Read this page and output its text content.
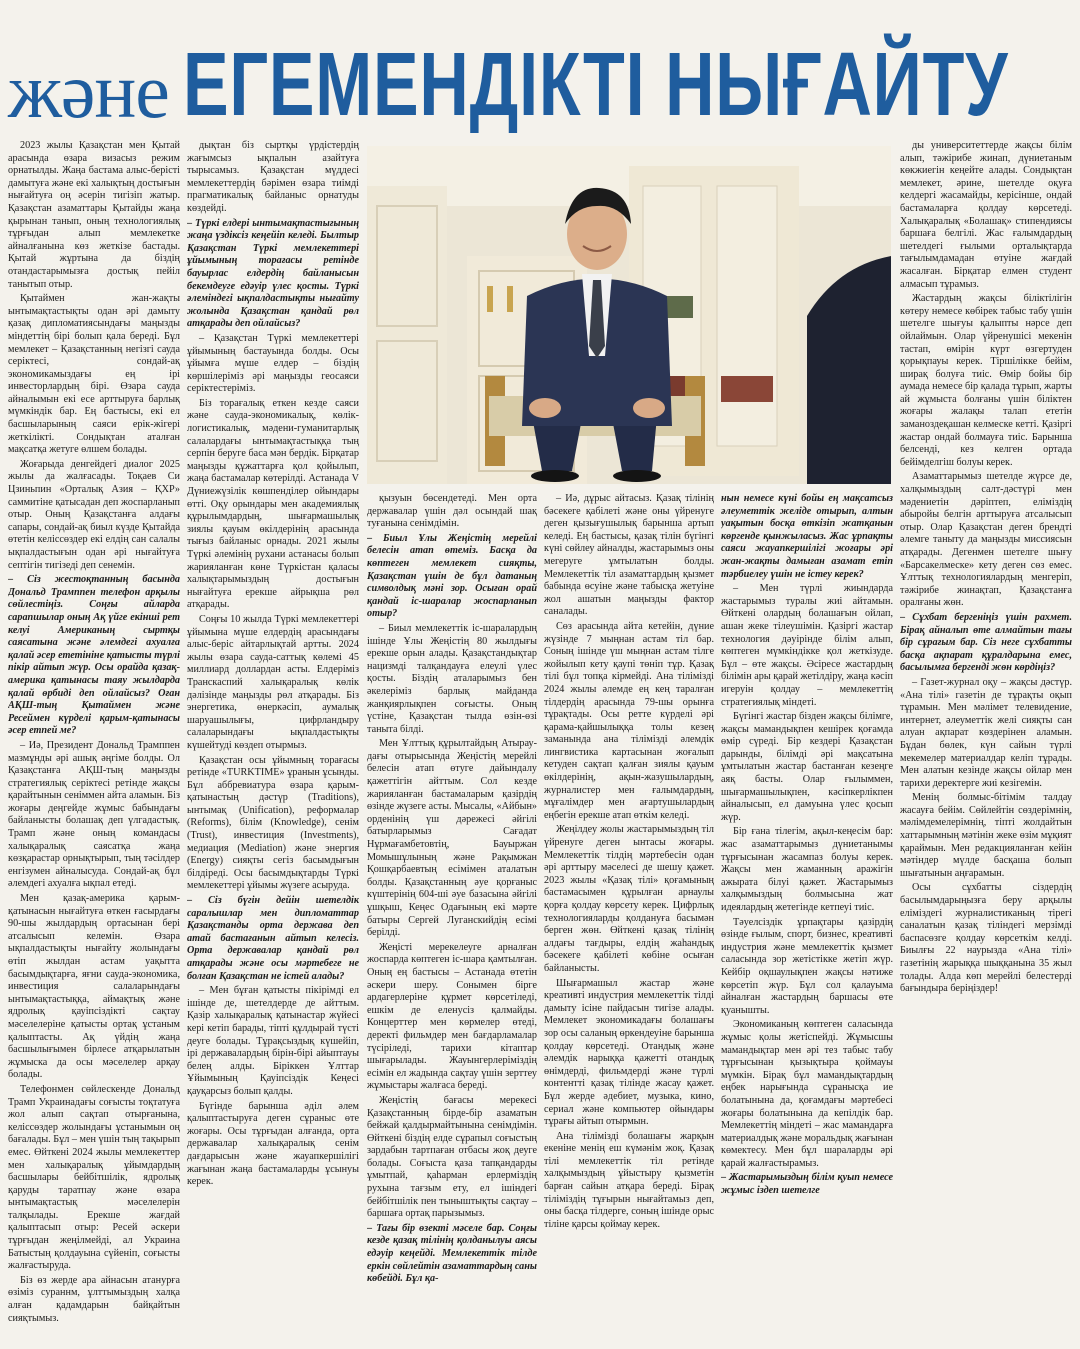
және ЕГЕМЕНДІКТІ НЫҒАЙТУ

2023 жылы Қазақстан мен Қытай арасында өзара визасыз режим орнатылды. Жаңа бастама алыс-берісті дамытуға және екі халықтың достығын нығайтуға оң әсерін тигізіп жатыр. Қазақстан азаматтары Қытайды жаңа қырынан танып, оның технологиялық тұрғыдан алып мемлекетке айналғанына көз жеткізе бастады. Қытай жұртына да біздің отандастарымызға достық пейіл танытып отыр.

Қытаймен жан-жақты ынтымақтастықты одан әрі дамыту қазақ дипломатиясындағы маңызды міндеттің бірі болып қала береді. Бұл мемлекет – Қазақстанның негізгі сауда серіктесі, сондай-ақ экономикамыздағы ең ірі инвесторлардың бірі. Өзара сауда айналымын екі есе арттыруға барлық мүмкіндік бар. Ең бастысы, екі ел басшыларының саяси ерік-жігері жеткілікті. Сондықтан аталған мақсатқа жетуге өлшем болады.

Жоғарыда денгейдегі диалог 2025 жылы да жалғасады. Тоқаев Си Цзиньпин «Орталық Азия – ҚХР» саммитіне қатысадан деп жоспарланып отыр. Оның Қазақстанға алдағы сапары, сондай-ақ биыл күзде Қытайда өтетін келіссөздер екі елдің сан салалы ықпалдастығын одан әрі нығайтуға септігін тигізеді деп сенемін.

– Сіз жестоқтанның басында Дональд Трамппен телефон арқылы сөйлестіңіз. Соңғы айларда сарапшылар оның Ақ үйге екінші рет келуі Американың сыртқы саясатына және әлемдегі ахуалға қалай әсер ететініне қатысты түрлі пікір айтып жүр. Осы орайда қазақ-америка қатынасы таяу жылдарда қалай өрбиді деп ойлайсыз? Оған АҚШ-тың Қытаймен және Ресеймен күрделі қарым-қатынасы әсер етпей ме?

– Иә, Президент Дональд Трамппен мазмұнды әрі ашық әңгіме болды. Ол Қазақстанға АҚШ-тың маңызды стратегиялық серіктесі ретінде жақсы қарайтынын сеніммен айта аламын. Біз жоғары деңгейде жұмыс бабындағы байланысты болашақ деп үлгадастық. Трамп және оның командасы халықаралық саясатқа жаңа көзқарастар орнықтырып, тың тәсілдер енгізумен айналысуда. Сондай-ақ бұл әлемдегі ахуалға ықпал етеді.

Мен қазақ-америка қарым-қатынасын нығайтуға өткен ғасырдағы 90-шы жылдардың ортасынан бері атсалысып келемін. Өзара ықпалдастықты нығайту жолындағы өтіп жылдан астам уақытта басымдықтарға, яғни сауда-экономика, инвестиция салаларындағы ынтымақтастыққа, аймақтық және ядролық қауіпсіздікті сақтау мәселелеріне қатысты ортақ ұстаным қалыптасты. Ақ үйдің жаңа басшылығымен бірлесе атқарылатын жұмыска да осы мәселелер арқау болады.

Телефонмен сөйлескенде Дональд Трамп Украинадағы соғысты тоқтатуға жол алып сақтап отырғанына, келіссөздер жолындағы ұстанымын оң бағалады. Бұл – мен үшін тың тақырып емес. Өйткені 2024 жылы мемлекеттер мен халықаралық ұйымдардың басшылары бейбітшілік, ядролық қаруды таратпау және өзара ынтымақтастық мәселелерін талқылады. Ерекше жағдай қалыптасып отыр: Ресей әскери тұрғыдан жеңілмейді, ал Украина Батыстың қолдауына сүйеніп, соғысты жалғастыруда.

Біз өз жерде ара айнасын атанурға өзіміз сураннм, ұлттымыздың халқа алған қадамдарын байқайтын сияқтымыз.

дықтан біз сыртқы үрдістердің жағымсыз ықпалын азайтуға тырысамыз. Қазақстан мүддесі мемлекеттердің бәрімен өзара тиімді прагматикалық байланыс орнатуды көздейді.

– Түркі елдері ынтымақтастығының жаңа үздіксіз кеңейіп келеді. Былтыр Қазақстан Түркі мемлекеттері ұйымының торағасы ретінде бауырлас елдердің байланысын бекемдеуге едәуір үлес қосты. Түркі әлеміндегі ықпалдастықты нығайту жолында Қазақстан қандай рөл атқарады деп ойлайсыз?

– Қазақстан Түркі мемлекеттері ұйымының бастауында болды. Осы ұйымға мүше елдер – біздің көршілеріміз әрі маңызды геосаяси серіктестеріміз.

Біз торағалық еткен кезде саяси және сауда-экономикалық, көлік-логистикалық, мәдени-гуманитарлық салалардағы ынтымақтастыққа тың серпін беруге баса мән бердік. Бірқатар маңызды құжаттарға қол қойылып, жаңа бастамалар көтерілді. Астанада V Дүниежүзілік көшпенділер ойындары өтті. Оқу орындары мен академиялық құрылымдардың, шығармашылық зиялы қауым өкілдерінің арасында тығыз байланыс орнады. 2021 жылы Түркі әлемінің рухани астанасы болып жарияланған көне Түркістан қаласы халықтарымыздың достығын нығайтуға ерекше айрықша рөл атқарады.

Соңғы 10 жылда Түркі мемлекеттері ұйымына мүше елдердің арасындағы алыс-беріс айтарлықтай артты. 2024 жылы өзара сауда-саттық көлемі 45 миллиард доллардан асты. Елдеріміз Транскаспий халықаралық көлік дәлізінде маңызды рөл атқарады. Біз энергетика, өнеркәсіп, аумалық шаруашылығы, цифрландыру салаларындағы ықпалдастықты күшейтуді көздеп отырмыз.

Қазақстан осы ұйымның торағасы ретінде «TURKTIME» ұранын ұсынды. Бұл аббревиатура өзара қарым-қатынастың дәстүр (Traditions), ынтымақ (Unification), реформалар (Reforms), білім (Knowledge), сенім (Trust), инвестиция (Investments), медиация (Mediation) және энергия (Energy) сияқты сегіз басымдығын білдіреді. Осы басымдықтарды Түркі мемлекеттері ұйымы жүзеге асыруда.

– Сіз бүгін дейін шетелдік саралышлар мен дипломаттар Қазақстанды орта держава деп атай бастағанын айтып келесіз. Орта державалар қандай рөл атқарады және осы мәртебеге не болған Қазақстан не істей алады?

– Мен бұған қатысты пікірімді ел ішінде де, шетелдерде де айттым. Қазір халықаралық қатынастар жүйесі кері кетіп барады, тіпті құлдырай түсті деуге болады. Тұрақсыздық күшейіп, ірі державалардың бірін-бірі айыптауы белең алды. Біріккен Ұлттар Ұйымының Қауіпсіздік Кеңесі қауқарсыз болып қалды.

Бүгінде барынша әділ әлем қалыптастыруға деген сұраныс өте жоғары. Осы тұрғыдан алғанда, орта державалар халықаралық сенім дағдарысын және жауапкершілігі жағынан жаңа бастамаларды ұсынуы керек.

қызуын бөсендетеді. Мен орта державалар үшін дәл осындай шақ туғанына сенімдімін.

– Биыл Ұлы Жеңістің мерейлі белесін атап өтеміз. Басқа да көптеген мемлекет сияқты, Қазақстан үшін де бұл датаның символдық мәні зор. Осыған орай қандай іс-шаралар жоспарланып отыр?

– Биыл мемлекеттік іс-шаралардың ішінде Ұлы Жеңістің 80 жылдығы ерекше орын алады. Қазақстандықтар нацизмді талқандауға елеулі үлес қосты. Біздің аталарымыз бен әкелеріміз барлық майданда жанқиярлықпен соғысты. Оның үстіне, Қазақстан тылда өзін-өзі таныта білді.

Мен Ұлттық құрылтайдың Атыраудағы отырысында Жеңістің мерейлі белесін атап өтуге дайындалу қажеттігін айттым. Сол кезде жарияланған бастамаларым қазірдің өзінде жүзеге асты. Мысалы, «Айбын» орденінің үш дәрежесі әйгілі батырларымыз Сағадат Нұрмағамбетовтің, Бауыржан Момышұлының және Рақымжан Қошқарбаевтың есімімен аталатын болды. Қазақстанның әуе қорғаныс күштерінің 604-ші әуе базасына әйгілі ұшқыш, Кеңес Одағының екі мәрте батыры Сергей Луганскийдің есімі берілді.

Жеңісті мерекелеуге арналған жоспарда көптеген іс-шара қамтылған. Оның ең бастысы – Астанада өтетін әскери шеру. Сонымен бірге ардагерлеріне құрмет көрсетіледі, ешкім де еленусіз қалмайды. Концерттер мен көрмелер өтеді, деректі фильмдер мен бағдарламалар түсіріледі, тарихи кітаптар шығарылады. Жауынгерлеріміздің есімін ел жадында сақтау үшін зерттеу жұмыстары жалғаса береді.

Жеңістің бағасы мерекесі Қазақстанның бірде-бір азаматын бейжай қалдырмайтынына сенімдімін. Өйткені біздің елде сұрапыл соғыстың зардабын тартпаған отбасы жоқ деуге болады. Соғыста қаза тапқандарды ұмытпай, қаһарман ерлерміздің рухына тағзым ету, ел ішіндегі бейбітшілік пен тыныштықты сақтау – баршаға ортақ парызымыз.

– Тағы бір өзекті мәселе бар. Соңғы кезде қазақ тілінің қолданылуы аясы едәуір кеңейді. Мемлекеттік тілде еркін сөйлейтін азаматтардың саны көбейді. Бұл қа-

– Иә, дұрыс айтасыз. Қазақ тілінің бәсекеге қабілеті және оны үйренуге деген қызығушылық барынша артып келеді. Ең бастысы, қазақ тілін бүгінгі күні сөйлеу айналды, жастарымыз оны мегеруге ұмтылатын болды. Мемлекеттік тіл азаматтардың қызмет бабында өсуіне және табысқа жетуіне жол ашатын маңызды фактор саналады.

Сөз арасында айта кетейін, дүние жүзінде 7 мыңнан астам тіл бар. Соның ішінде үш мыңнан астам тілге жойылып кету қаупі төніп тұр. Қазақ тілі бұл топқа кірмейді. Ана тілімізді 2024 жылы әлемде ең кең таралған тілдердің арасында 79-шы орынға тұрақтады. Осы ретте күрделі әрі қарама-қайшылыққа толы кезең заманында ана тілімізді әлемдік лингвистика картасынан жоғалып кетуден сақтап қалған зиялы қауым өкілдерінің, ақын-жазушылардың, журналистер мен ғалымдардың, мұғалімдер мен ағартушылардың еңбегін ерекше атап өткім келеді.

Жеңілдеу жолы жастарымыздың тіл үйренуге деген ынтасы жоғары. Мемлекеттік тілдің мәртебесін одан әрі арттыру мәселесі де шешу қажет. 2023 жылы «Қазақ тілі» қоғамының бастамасымен құрылған арнаулы қорға қолдау көрсету керек. Цифрлық технологияларды қолдануға басымән берген жөн. Өйткені қазақ тілінің алдағы тағдыры, елдің жаһандық бәсекеге қабілеті көбіне осыған байланысты.

Шығармашыл жастар және креативті индустрия мемлекеттік тілді дамыту ісіне пайдасын тигізе алады. Мемлекет экономикадағы болашағы зор осы саланың өркендеуіне барынша қолдау көрсетеді. Отандық және әлемдік нарыққа қажетті отандық өнімдерді, фильмдерді және түрлі контентті қазақ тілінде жасау қажет. Бұл жерде әдебиет, музыка, кино, сериал және компьютер ойындары тұрағы айтып отырмын.

Ана тілімізді болашағы жарқын екеніне менің еш күмәнім жоқ. Қазақ тілі мемлекеттік тіл ретінде халқымыздың ұйыстыру қызметін барған сайын атқара береді. Бірақ тіліміздің тұғырын нығайтамыз деп, оны басқа тілдерге, соның ішінде орыс тіліне қарсы қоймау керек.

нын немесе күні бойы ең мақсатсыз әлеуметтік желіде отырып, алтын уақытын босқа өткізіп жатқанын көргенде қынжыласыз. Жас ұрпақты саяси жауапкершілігі жоғары әрі жан-жақты дамыған азамат етіп тәрбиелеу үшін не істеу керек?

– Мен түрлі жиындарда жастарымыз туралы жиі айтамын. Өйткені олардың болашағын ойлап, ашан жеке тілеушімін. Қазіргі жастар технология дәуірінде білім алып, көптеген мүмкіндікке қол жеткізуде. Бұл – өте жақсы. Әсіресе жастардың білімін ары қарай жетілдіру, жаңа кәсіп игеруін қолдау – мемлекеттің стратегиялық міндеті.

Бүгінгі жастар бізден жақсы білімге, жақсы мамандықпен кешірек қоғамда өмір сүреді. Бір кездері Қазақстан дарынды, білімді әрі мақсатына ұмтылатын жастар бастанған кезеңге аяқ басты. Олар ғылыммен, шығармашылықпен, кәсіпкерлікпен айналысып, ел дамуына үлес қосып жүр.

Бір ғана тілегім, ақыл-кеңесім бар: жас азаматтарымыз дүниетанымы тұрғысынан жасампаз болуы керек. Жақсы мен жаманның аражігін ажырата білуі қажет. Жастарымыз халқымыздың болмысына жат идеялардың жетегінде кетпеуі тиіс.

Тәуелсіздік ұрпақтары қазірдің өзінде ғылым, спорт, бизнес, креативті индустрия және мемлекеттік қызмет саласында зор жетістікке жетіп жүр. Кейбір оқшаулықпен жақсы нәтиже көрсетіп жүр. Бұл сол қалауыма айналған жастардың баршасы өте қуанышты.

Экономиканың көптеген саласында жұмыс қолы жетіспейді. Жұмысшы мамандықтар мен әрі тез табыс табу тұрғысынан қызықтыра қоймауы мүмкін. Бірақ бұл мамандықтардың еңбек нарығында сұранысқа ие болатынына да, қоғамдағы мәртебесі жоғары болатынына да кепілдік бар. Мемлекеттің міндеті – жас мамандарға материалдық және моральдық жағынан көмектесу. Мен бұл шараларды әрі қарай жалғастырамыз.

– Жастарымыздың білім қуып немесе жұмыс іздеп шетелге

ды университеттерде жақсы білім алып, тәжірибе жинап, дүниетаным көкжиегін кеңейте алады. Сондықтан мемлекет, әрине, шетелде оқуға келдергі жасамайды, керісінше, ондай бастамаларға қолдау көрсетеді. Халықаралық «Болашақ» стипендиясы баршаға белгілі. Жас ғалымдардың шетелдегі ғылыми орталықтарда тағылымдамадан өтуіне жағдай жасалған. Бірқатар елмен студент алмасып тұрамыз.

Жастардың жақсы біліктілігін көтеру немесе көбірек табыс табу үшін шетелге шығуы қалыпты нәрсе деп ойлаймын. Олар үйренушісі мекенін тастап, өмірін күрт өзгертуден қорықпауы керек. Тіршілікке бейім, ширақ болуға тиіс. Өмір бойы бір аумада немесе бір қалада тұрып, жарты ай жұмыста болғаны үшін біліктен жоғары жалақы талап ететін заманоздеқашан келмеске кетті. Қазіргі жастар ондай болмауға тиіс. Барынша белсенді, кез келген ортада бейімделгіш болуы керек.

Азаматтарымыз шетелде жүрсе де, халқымыздың салт-дәстүрі мен мәдениетін дәріптеп, еліміздің абыройы белгін арттыруға атсалысып отыр. Олар Қазақстан деген брендті әлемге таныту да маңызды миссиясын атқарады. Дегенмен шетелге шығу «Барсакелмеске» кету деген сөз емес. Ұлттық технологиялардың менгеріп, тәжірибе жинақтап, Қазақстанға оралғаны жөн.

– Сұхбат бергеніңіз үшін рахмет. Бірақ айналып өте алмайтын тағы бір сұрағым бар. Сіз неге сұхбатты басқа ақпарат құралдарына емес, басылымға бергенді жөн көрдіңіз?

– Газет-журнал оқу – жақсы дәстүр. «Ана тілі» газетін де тұрақты оқып тұрамын. Мен мәлімет телевидение, интернет, әлеуметтік желі сияқты сан алуан ақпарат көздерінен аламын. Бұдан бөлек, күн сайын түрлі мекемелер материалдар келіп тұрады. Мен алатын кезінде жақсы ойлар мен тарихи деректерге жиі кезігемін.

Менің болмыс-бітімім талдау жасауға бейім. Сөйлейтін сөздерімнің, мәлімдемелерімнің, тіпті жолдайтын хаттарымның мәтінін жеке өзім мұқият қараймын. Мен редакцияланған кейін мәтіндер мүлде басқаша болып шығатынын аңғарамын.

Осы сұхбатты сіздердің басылымдарыңызға беру арқылы еліміздегі журналистиканың тірегі саналатын қазақ тіліндегі мерзімді баспасөзге қолдау көрсеткім келді. Биылғы 22 наурызда «Ана тілі» газетінің жарыққа шыққанына 35 жыл толады. Алда көп мерейлі белестерді бағындыра беріңіздер!
